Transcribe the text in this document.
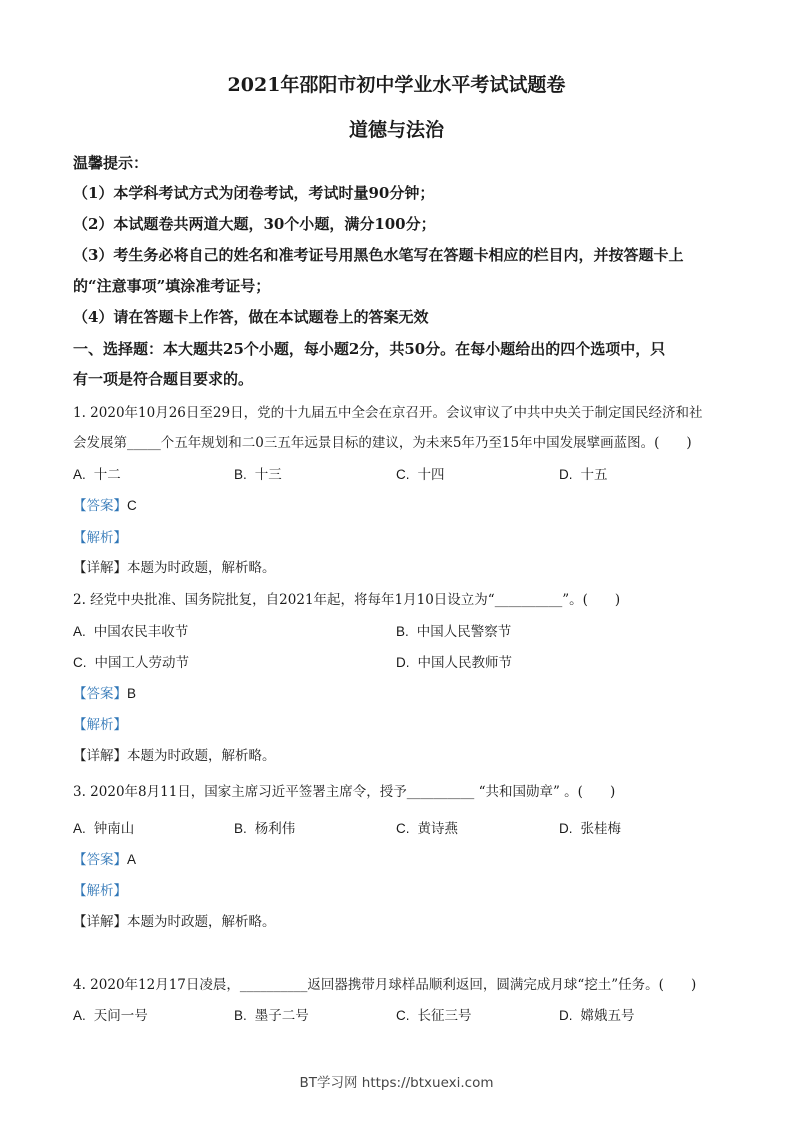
2021年邵阳市初中学业水平考试试题卷
道德与法治
温馨提示：
（1）本学科考试方式为闭卷考试，考试时量90分钟；
（2）本试题卷共两道大题，30个小题，满分100分；
（3）考生务必将自己的姓名和准考证号用黑色水笔写在答题卡相应的栏目内，并按答题卡上
的“注意事项”填涂准考证号；
（4）请在答题卡上作答，做在本试题卷上的答案无效
一、选择题：本大题共25个小题，每小题2分，共50分。在每小题给出的四个选项中，只
有一项是符合题目要求的。
1. 2020年10月26日至29日，党的十九届五中全会在京召开。会议审议了中共中央关于制定国民经济和社
会发展第_____个五年规划和二0三五年远景目标的建议，为未来5年乃至15年中国发展擘画蓝图。(　　)
A. 十二	B. 十三	C. 十四	D. 十五
【答案】C
【解析】
【详解】本题为时政题，解析略。
2. 经党中央批准、国务院批复，自2021年起，将每年1月10日设立为“__________”。(　　)
A. 中国农民丰收节	B. 中国人民警察节
C. 中国工人劳动节	D. 中国人民教师节
【答案】B
【解析】
【详解】本题为时政题，解析略。
3. 2020年8月11日，国家主席习近平签署主席令，授予__________ “共和国勋章” 。(　　)
A. 钟南山	B. 杨利伟	C. 黄诗燕	D. 张桂梅
【答案】A
【解析】
【详解】本题为时政题，解析略。
4. 2020年12月17日凌晨，__________返回器携带月球样品顺利返回，圆满完成月球“挖土”任务。(　　)
A. 天问一号	B. 墨子二号	C. 长征三号	D. 嫦娥五号
BT学习网 https://btxuexi.com
